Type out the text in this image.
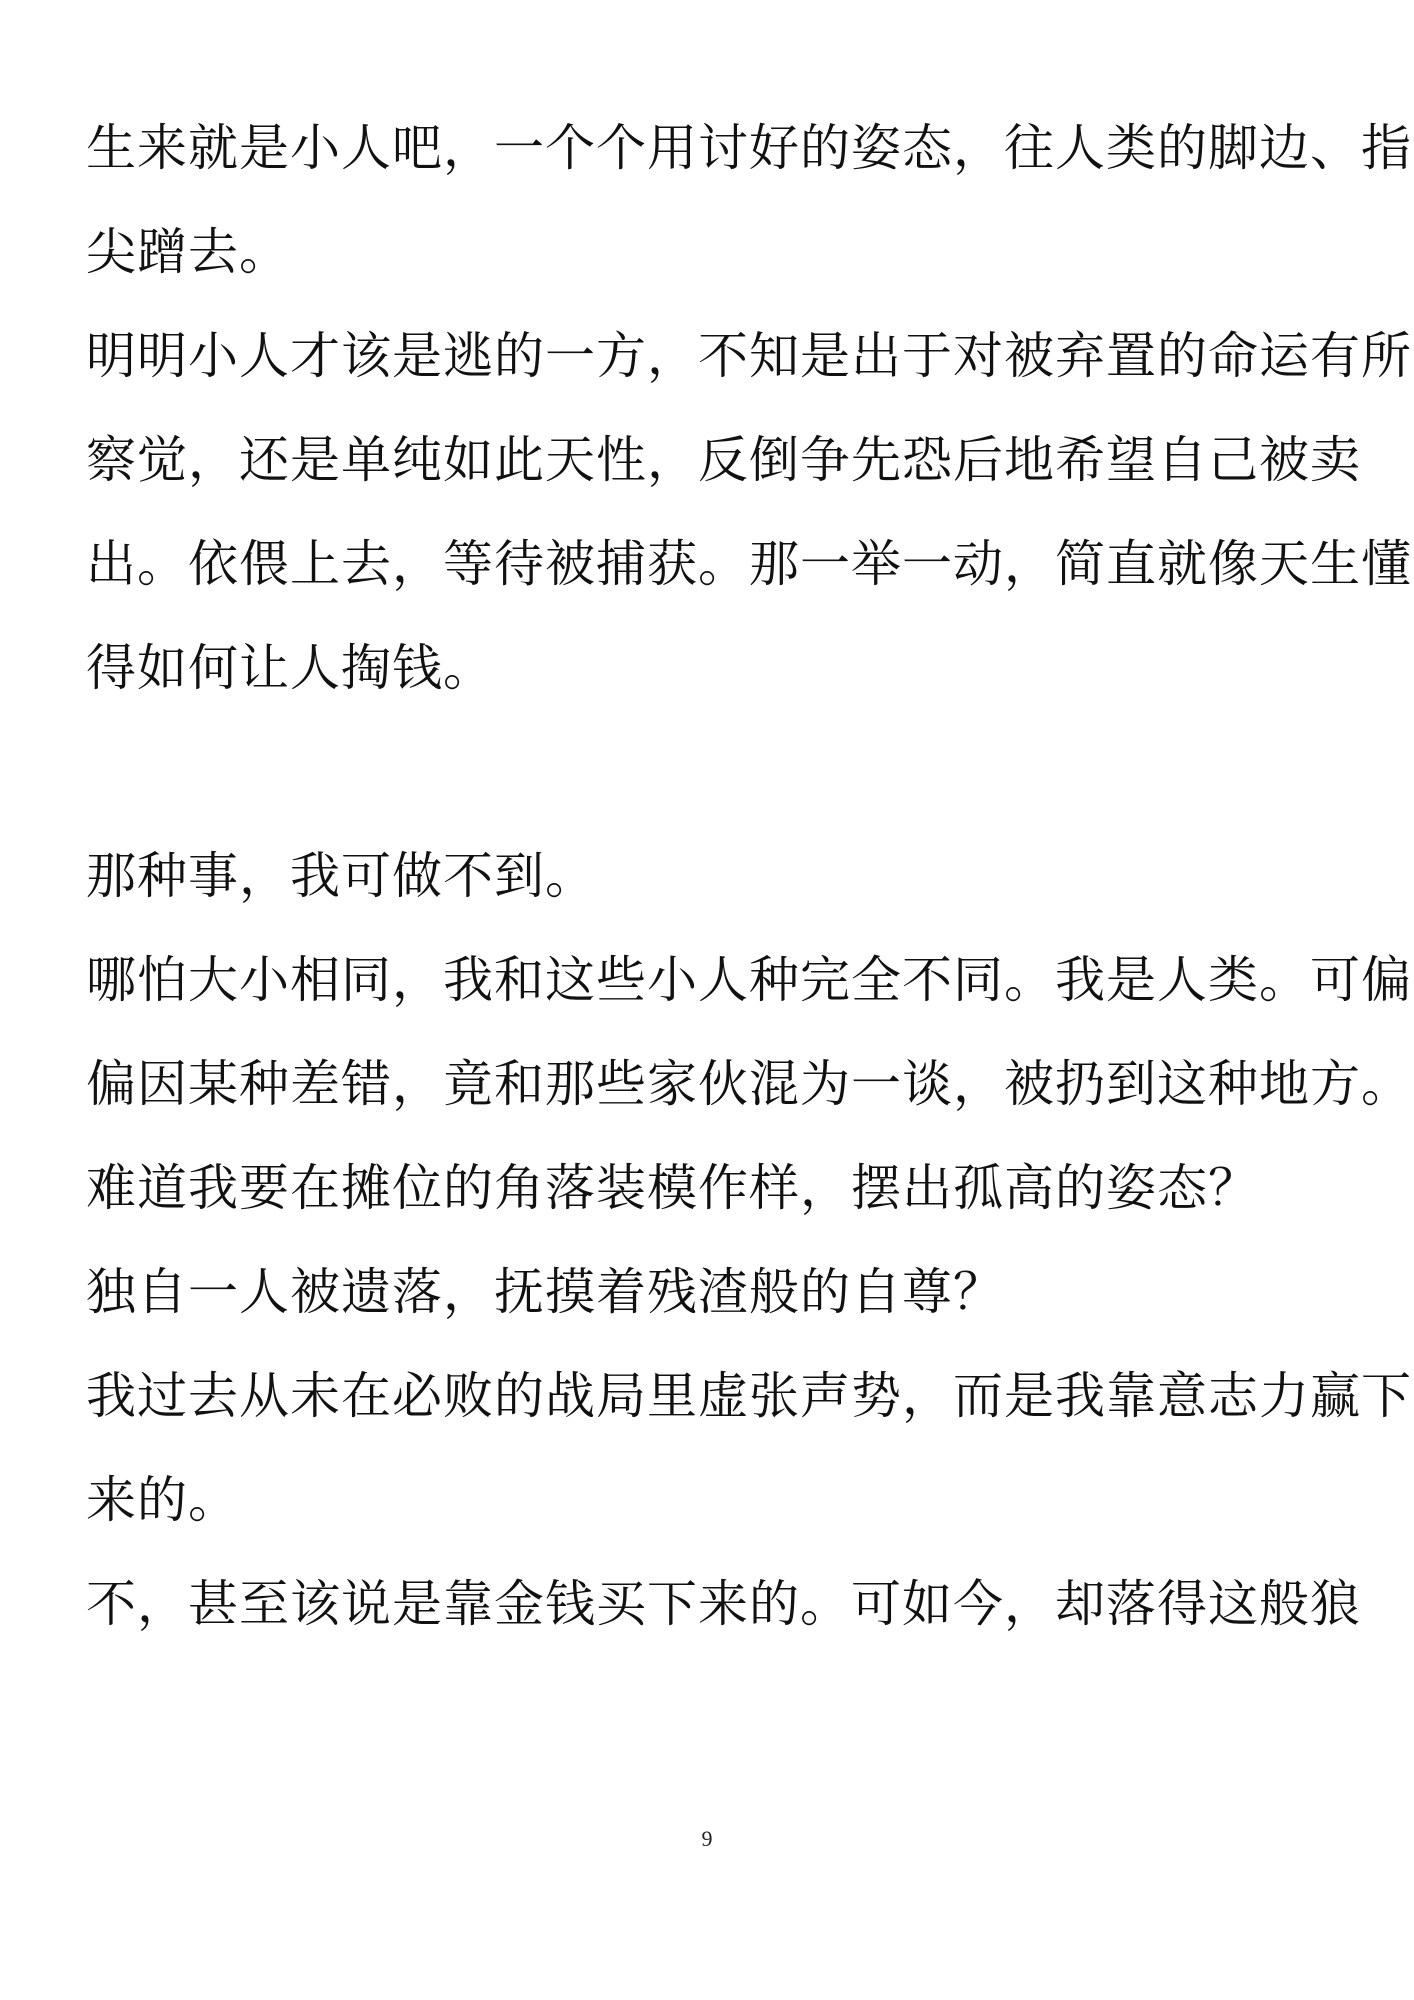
生来就是小人吧，一个个用讨好的姿态，往人类的脚边、指
尖蹭去。

明明小人才该是逃的一方，不知是出于对被弃置的命运有所
察觉，还是单纯如此天性，反倒争先恐后地希望自己被卖
出。依偎上去，等待被捕获。那一举一动，简直就像天生懂
得如何让人掏钱。

那种事，我可做不到。

哪怕大小相同，我和这些小人种完全不同。我是人类。可偏
偏因某种差错，竟和那些家伙混为一谈，被扔到这种地方。

难道我要在摊位的角落装模作样，摆出孤高的姿态？

独自一人被遗落，抚摸着残渣般的自尊？

我过去从未在必败的战局里虚张声势，而是我靠意志力赢下
来的。

不，甚至该说是靠金钱买下来的。可如今，却落得这般狼

9
